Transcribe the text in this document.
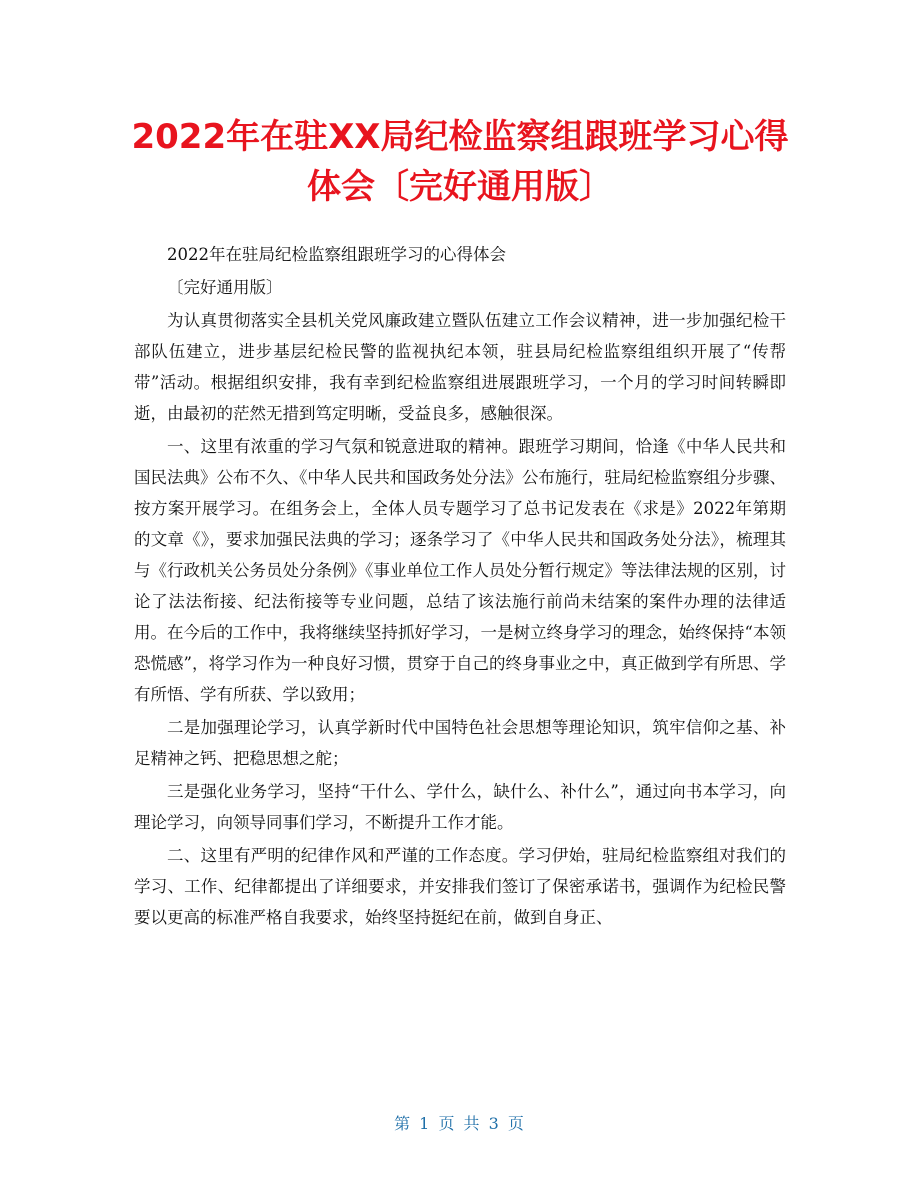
2022年在驻XX局纪检监察组跟班学习心得体会〔完好通用版〕

2022年在驻局纪检监察组跟班学习的心得体会

〔完好通用版〕

为认真贯彻落实全县机关党风廉政建立暨队伍建立工作会议精神，进一步加强纪检干部队伍建立，进步基层纪检民警的监视执纪本领，驻县局纪检监察组组织开展了“传帮带”活动。根据组织安排，我有幸到纪检监察组进展跟班学习，一个月的学习时间转瞬即逝，由最初的茫然无措到笃定明晰，受益良多，感触很深。

一、这里有浓重的学习气氛和锐意进取的精神。跟班学习期间，恰逢《中华人民共和国民法典》公布不久、《中华人民共和国政务处分法》公布施行，驻局纪检监察组分步骤、按方案开展学习。在组务会上，全体人员专题学习了总书记发表在《求是》2022年第期的文章《》，要求加强民法典的学习；逐条学习了《中华人民共和国政务处分法》，梳理其与《行政机关公务员处分条例》《事业单位工作人员处分暂行规定》等法律法规的区别，讨论了法法衔接、纪法衔接等专业问题，总结了该法施行前尚未结案的案件办理的法律适用。在今后的工作中，我将继续坚持抓好学习，一是树立终身学习的理念，始终保持“本领恐慌感”，将学习作为一种良好习惯，贯穿于自己的终身事业之中，真正做到学有所思、学有所悟、学有所获、学以致用；

二是加强理论学习，认真学新时代中国特色社会思想等理论知识，筑牢信仰之基、补足精神之钙、把稳思想之舵；

三是强化业务学习，坚持“干什么、学什么，缺什么、补什么”，通过向书本学习，向理论学习，向领导同事们学习，不断提升工作才能。

二、这里有严明的纪律作风和严谨的工作态度。学习伊始，驻局纪检监察组对我们的学习、工作、纪律都提出了详细要求，并安排我们签订了保密承诺书，强调作为纪检民警要以更高的标准严格自我要求，始终坚持挺纪在前，做到自身正、

第 1 页 共 3 页
